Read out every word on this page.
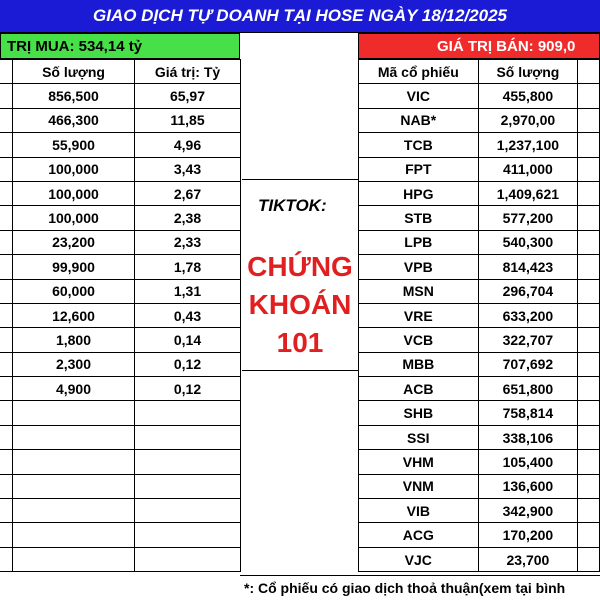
GIAO DỊCH TỰ DOANH TẠI HOSE NGÀY 18/12/2025
TRỊ MUA: 534,14 tỷ	GIÁ TRỊ BÁN: 909,0
	Số lượng	Giá trị: Tỷ
	856,500	65,97
	466,300	11,85
	55,900	4,96
	100,000	3,43
	100,000	2,67
	100,000	2,38
	23,200	2,33
	99,900	1,78
	60,000	1,31
	12,600	0,43
	1,800	0,14
	2,300	0,12
	4,900	0,12

Mã cổ phiếu	Số lượng	
VIC	455,800	
NAB*	2,970,00	
TCB	1,237,100	
FPT	411,000	
HPG	1,409,621	
STB	577,200	
LPB	540,300	
VPB	814,423	
MSN	296,704	
VRE	633,200	
VCB	322,707	
MBB	707,692	
ACB	651,800	
SHB	758,814	
SSI	338,106	
VHM	105,400	
VNM	136,600	
VIB	342,900	
ACG	170,200	
VJC	23,700	
TIKTOK:
CHỨNG
KHOÁN
101
*: Cổ phiếu có giao dịch thoả thuận(xem tại bình
